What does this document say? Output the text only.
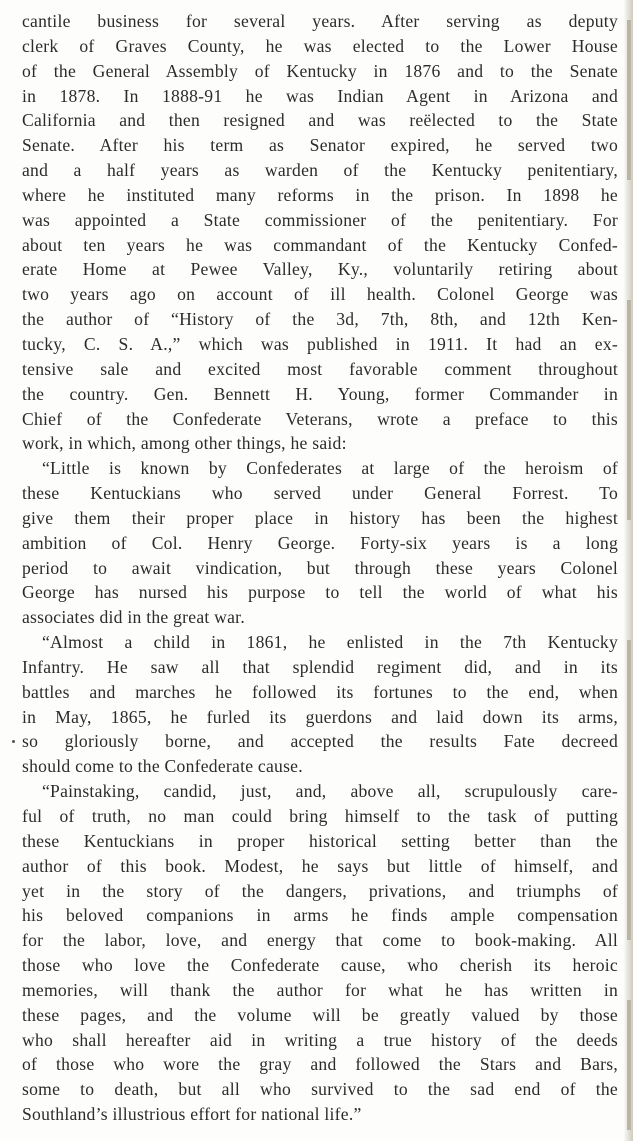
cantile business for several years. After serving as deputy
clerk of Graves County, he was elected to the Lower House
of the General Assembly of Kentucky in 1876 and to the Senate
in 1878. In 1888-91 he was Indian Agent in Arizona and
California and then resigned and was reëlected to the State
Senate. After his term as Senator expired, he served two
and a half years as warden of the Kentucky penitentiary,
where he instituted many reforms in the prison. In 1898 he
was appointed a State commissioner of the penitentiary. For
about ten years he was commandant of the Kentucky Confed-
erate Home at Pewee Valley, Ky., voluntarily retiring about
two years ago on account of ill health. Colonel George was
the author of “History of the 3d, 7th, 8th, and 12th Ken-
tucky, C. S. A.,” which was published in 1911. It had an ex-
tensive sale and excited most favorable comment throughout
the country. Gen. Bennett H. Young, former Commander in
Chief of the Confederate Veterans, wrote a preface to this
work, in which, among other things, he said:
“Little is known by Confederates at large of the heroism of
these Kentuckians who served under General Forrest. To
give them their proper place in history has been the highest
ambition of Col. Henry George. Forty-six years is a long
period to await vindication, but through these years Colonel
George has nursed his purpose to tell the world of what his
associates did in the great war.
“Almost a child in 1861, he enlisted in the 7th Kentucky
Infantry. He saw all that splendid regiment did, and in its
battles and marches he followed its fortunes to the end, when
in May, 1865, he furled its guerdons and laid down its arms,
so gloriously borne, and accepted the results Fate decreed
should come to the Confederate cause.
“Painstaking, candid, just, and, above all, scrupulously care-
ful of truth, no man could bring himself to the task of putting
these Kentuckians in proper historical setting better than the
author of this book. Modest, he says but little of himself, and
yet in the story of the dangers, privations, and triumphs of
his beloved companions in arms he finds ample compensation
for the labor, love, and energy that come to book-making. All
those who love the Confederate cause, who cherish its heroic
memories, will thank the author for what he has written in
these pages, and the volume will be greatly valued by those
who shall hereafter aid in writing a true history of the deeds
of those who wore the gray and followed the Stars and Bars,
some to death, but all who survived to the sad end of the
Southland’s illustrious effort for national life.”
